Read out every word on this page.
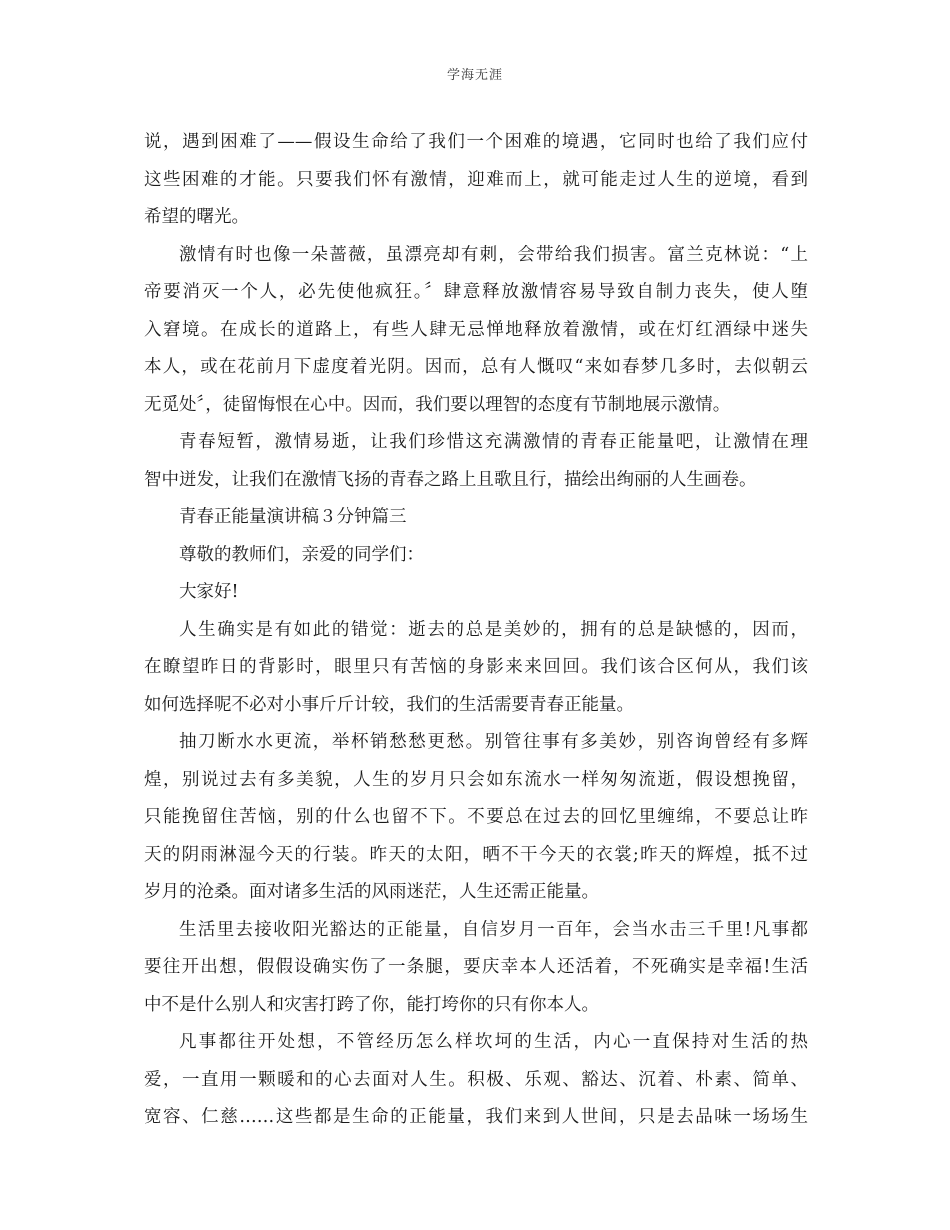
学海无涯
说，遇到困难了——假设生命给了我们一个困难的境遇，它同时也给了我们应付
这些困难的才能。只要我们怀有激情，迎难而上，就可能走过人生的逆境，看到
希望的曙光。
激情有时也像一朵蔷薇，虽漂亮却有刺，会带给我们损害。富兰克林说：“上
帝要消灭一个人，必先使他疯狂。〞肆意释放激情容易导致自制力丧失，使人堕
入窘境。在成长的道路上，有些人肆无忌惮地释放着激情，或在灯红酒绿中迷失
本人，或在花前月下虚度着光阴。因而，总有人慨叹“来如春梦几多时，去似朝云
无觅处〞，徒留悔恨在心中。因而，我们要以理智的态度有节制地展示激情。
青春短暂，激情易逝，让我们珍惜这充满激情的青春正能量吧，让激情在理
智中迸发，让我们在激情飞扬的青春之路上且歌且行，描绘出绚丽的人生画卷。
青春正能量演讲稿３分钟篇三
尊敬的教师们，亲爱的同学们：
大家好!
人生确实是有如此的错觉：逝去的总是美妙的，拥有的总是缺憾的，因而，
在瞭望昨日的背影时，眼里只有苦恼的身影来来回回。我们该合区何从，我们该
如何选择呢不必对小事斤斤计较，我们的生活需要青春正能量。
抽刀断水水更流，举杯销愁愁更愁。别管往事有多美妙，别咨询曾经有多辉
煌，别说过去有多美貌，人生的岁月只会如东流水一样匆匆流逝，假设想挽留，
只能挽留住苦恼，别的什么也留不下。不要总在过去的回忆里缠绵，不要总让昨
天的阴雨淋湿今天的行装。昨天的太阳，晒不干今天的衣裳;昨天的辉煌，抵不过
岁月的沧桑。面对诸多生活的风雨迷茫，人生还需正能量。
生活里去接收阳光豁达的正能量，自信岁月一百年，会当水击三千里!凡事都
要往开出想，假假设确实伤了一条腿，要庆幸本人还活着，不死确实是幸福!生活
中不是什么别人和灾害打跨了你，能打垮你的只有你本人。
凡事都往开处想，不管经历怎么样坎坷的生活，内心一直保持对生活的热
爱，一直用一颗暖和的心去面对人生。积极、乐观、豁达、沉着、朴素、简单、
宽容、仁慈……这些都是生命的正能量，我们来到人世间，只是去品味一场场生
